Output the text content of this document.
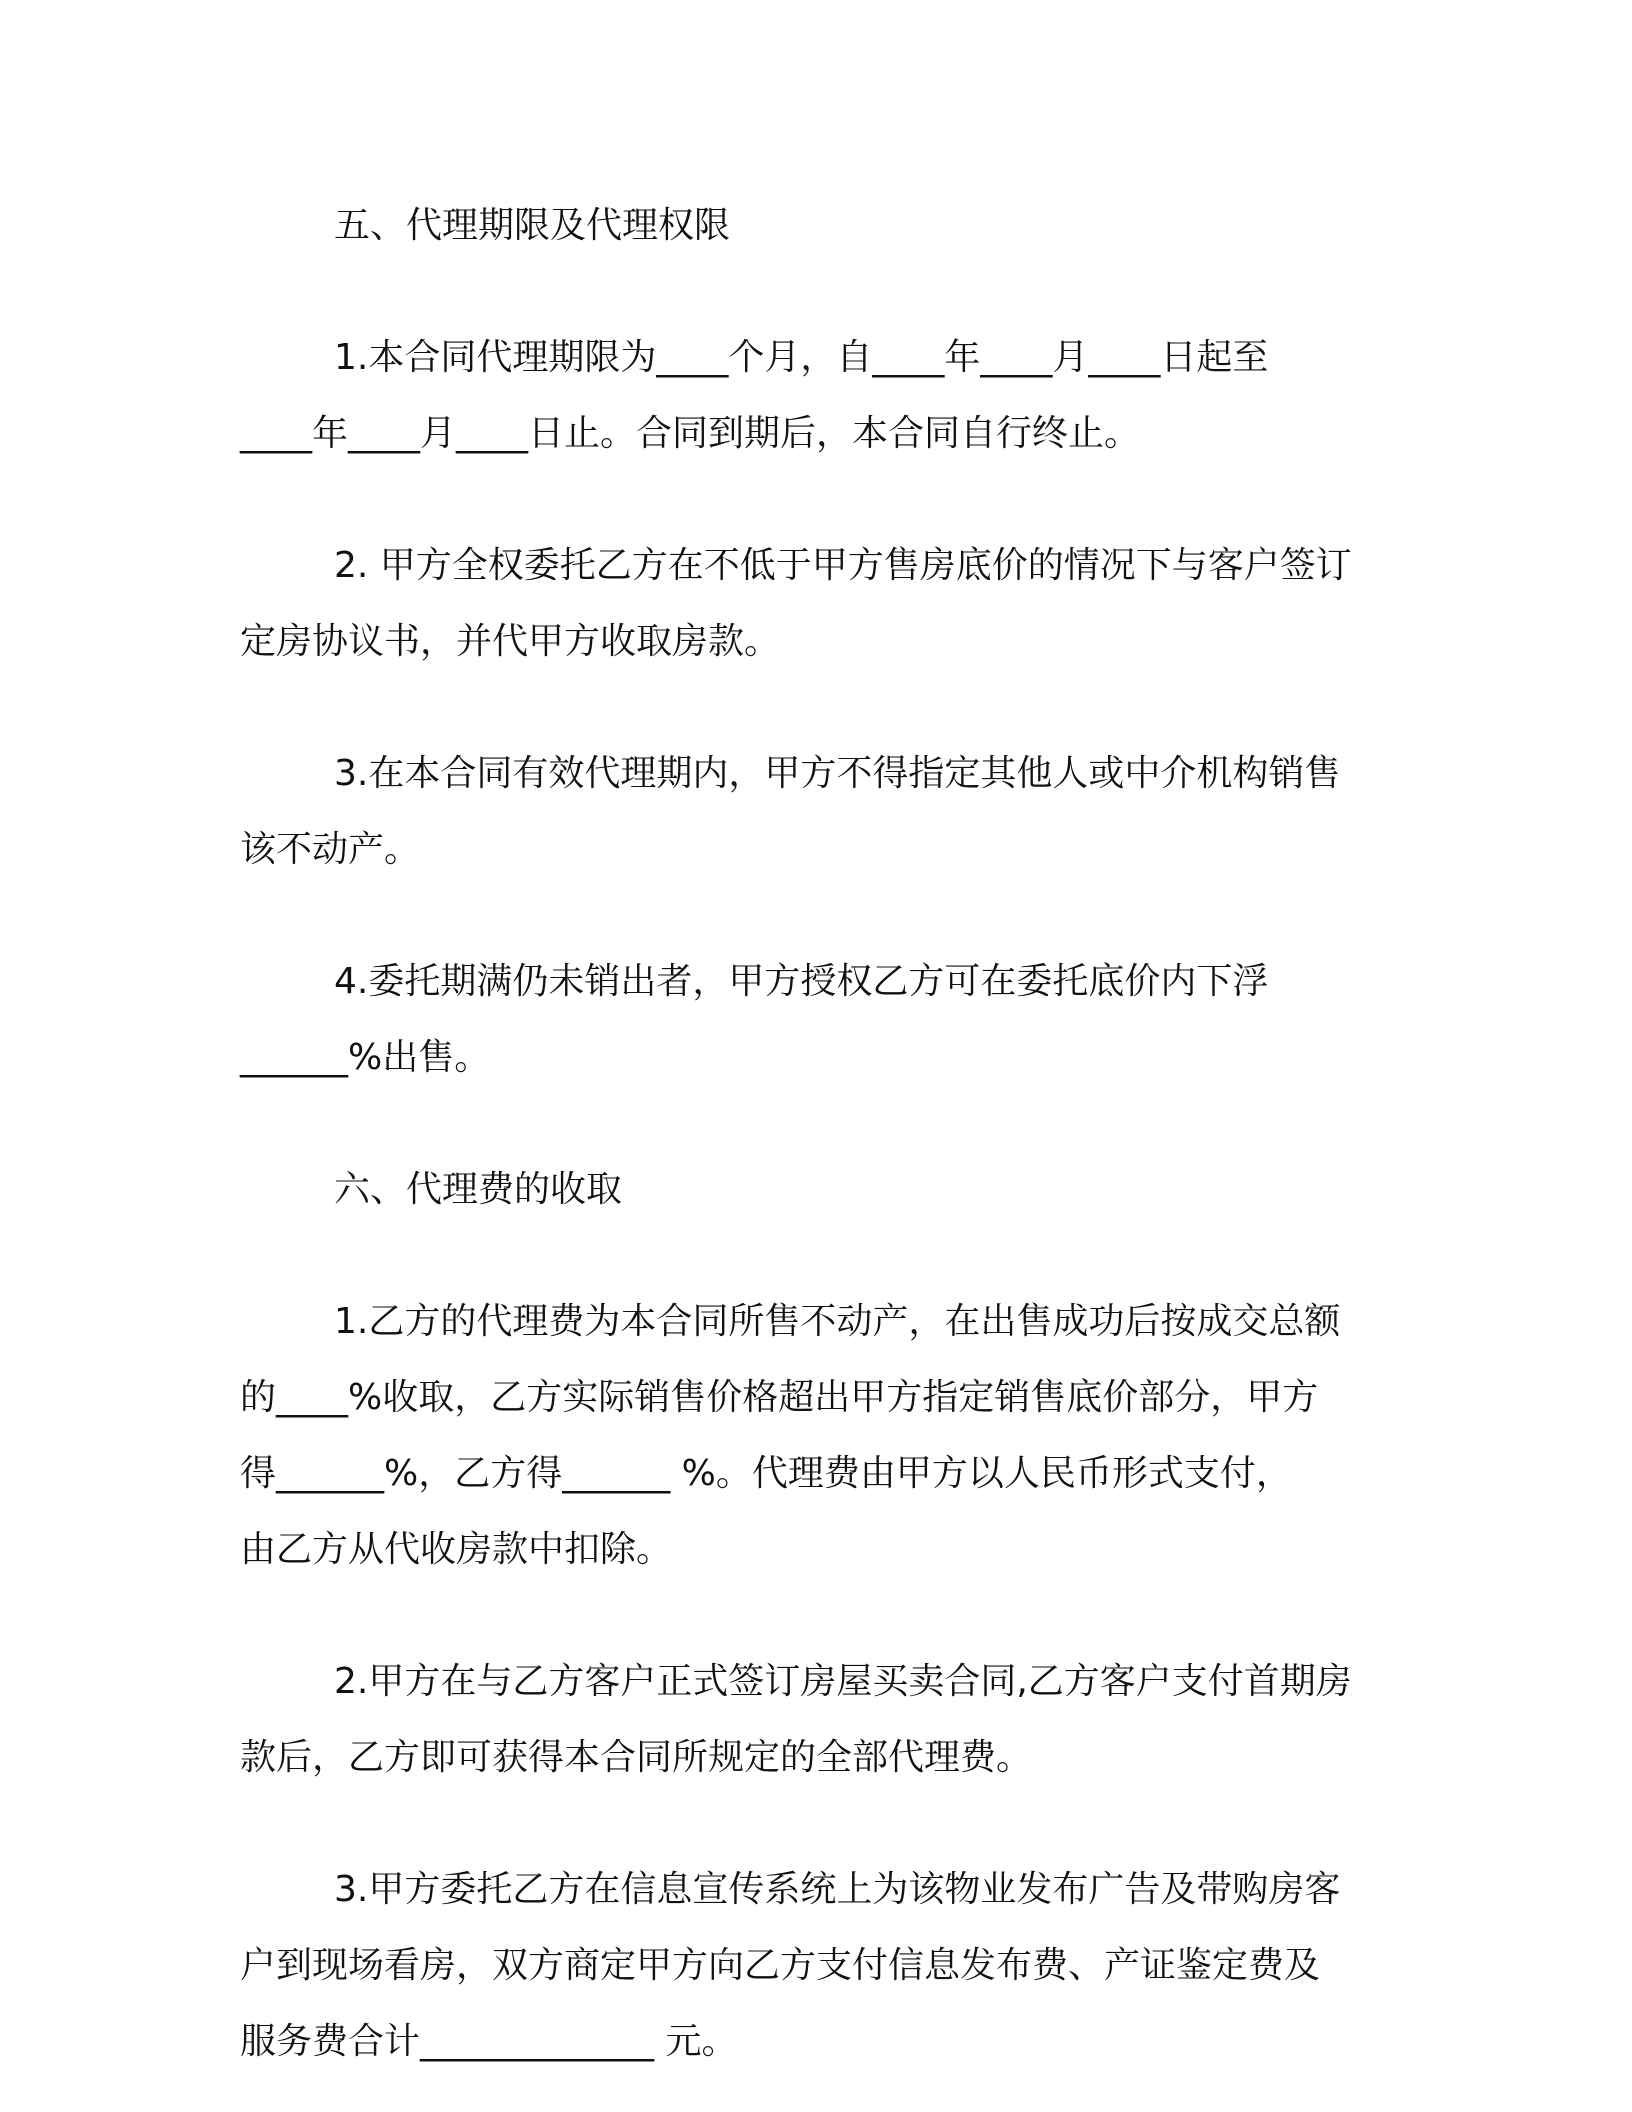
五、代理期限及代理权限
1.本合同代理期限为____个月，自____年____月____日起至
____年____月____日止。合同到期后，本合同自行终止。
2. 甲方全权委托乙方在不低于甲方售房底价的情况下与客户签订
定房协议书，并代甲方收取房款。
3.在本合同有效代理期内，甲方不得指定其他人或中介机构销售
该不动产。
4.委托期满仍未销出者，甲方授权乙方可在委托底价内下浮
______%出售。
六、代理费的收取
1.乙方的代理费为本合同所售不动产，在出售成功后按成交总额
的____%收取，乙方实际销售价格超出甲方指定销售底价部分，甲方
得______%，乙方得______ %。代理费由甲方以人民币形式支付，
由乙方从代收房款中扣除。
2.甲方在与乙方客户正式签订房屋买卖合同,乙方客户支付首期房
款后，乙方即可获得本合同所规定的全部代理费。
3.甲方委托乙方在信息宣传系统上为该物业发布广告及带购房客
户到现场看房，双方商定甲方向乙方支付信息发布费、产证鉴定费及
服务费合计_____________ 元。
